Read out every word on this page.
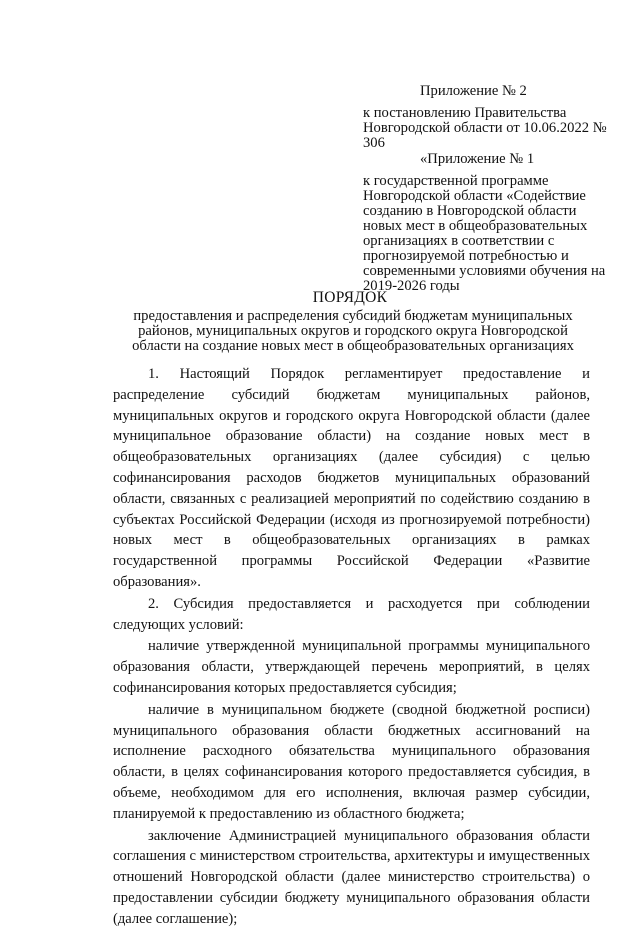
Приложение № 2
к постановлению Правительства Новгородской области от 10.06.2022 № 306
«Приложение № 1
к государственной программе Новгородской области «Содействие созданию в Новгородской области новых мест в общеобразовательных организациях в соответствии с прогнозируемой потребностью и современными условиями обучения на 2019-2026 годы
ПОРЯДОК
предоставления и распределения субсидий бюджетам муниципальных районов, муниципальных округов и городского округа Новгородской области на создание новых мест в общеобразовательных организациях

1. Настоящий Порядок регламентирует предоставление и распределение субсидий бюджетам муниципальных районов, муниципальных округов и городского округа Новгородской области (далее муниципальное образование области) на создание новых мест в общеобразовательных организациях (далее субсидия) с целью софинансирования расходов бюджетов муниципальных образований области, связанных с реализацией мероприятий по содействию созданию в субъектах Российской Федерации (исходя из прогнозируемой потребности) новых мест в общеобразовательных организациях в рамках государственной программы Российской Федерации «Развитие образования».

2. Субсидия предоставляется и расходуется при соблюдении следующих условий:

наличие утвержденной муниципальной программы муниципального образования области, утверждающей перечень мероприятий, в целях софинансирования которых предоставляется субсидия;

наличие в муниципальном бюджете (сводной бюджетной росписи) муниципального образования области бюджетных ассигнований на исполнение расходного обязательства муниципального образования области, в целях софинансирования которого предоставляется субсидия, в объеме, необходимом для его исполнения, включая размер субсидии, планируемой к предоставлению из областного бюджета;

заключение Администрацией муниципального образования области соглашения с министерством строительства, архитектуры и имущественных отношений Новгородской области (далее министерство строительства) о предоставлении субсидии бюджету муниципального образования области (далее соглашение);
